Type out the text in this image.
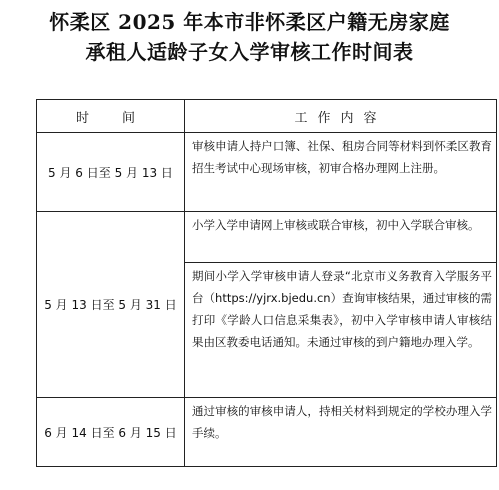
怀柔区 2025 年本市非怀柔区户籍无房家庭
承租人适龄子女入学审核工作时间表
时　间	工作内容
5 月 6 日至 5 月 13 日	审核申请人持户口簿、社保、租房合同等材料到怀柔区教育招生考试中心现场审核，初审合格办理网上注册。
5 月 13 日至 5 月 31 日	小学入学申请网上审核或联合审核，初中入学联合审核。
	期间小学入学审核申请人登录“北京市义务教育入学服务平台（https://yjrx.bjedu.cn）查询审核结果，通过审核的需打印《学龄人口信息采集表》，初中入学审核申请人审核结果由区教委电话通知。未通过审核的到户籍地办理入学。
6 月 14 日至 6 月 15 日	通过审核的审核申请人，持相关材料到规定的学校办理入学手续。
